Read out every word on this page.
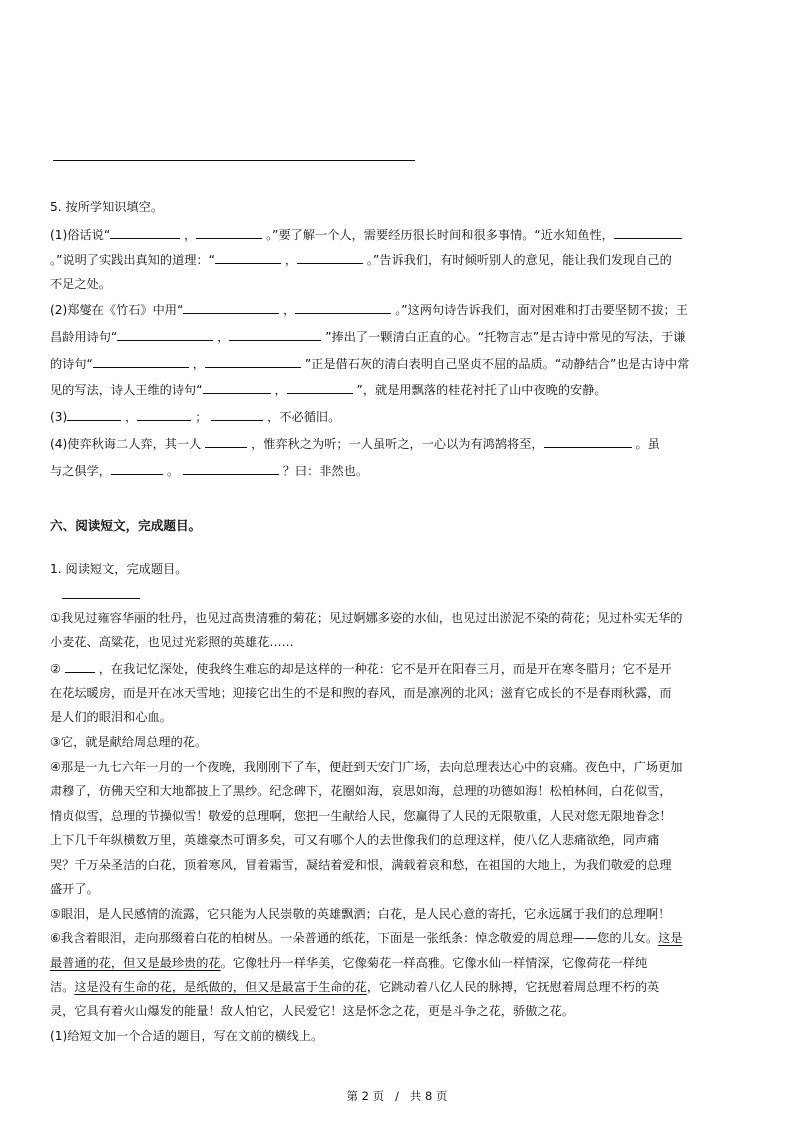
5. 按所学知识填空。
(1)俗话说“	，	。”要了解一个人，需要经历很长时间和很多事情。“近水知鱼性，
。”说明了实践出真知的道理：“	，	。”告诉我们，有时倾听别人的意见，能让我们发现自己的
不足之处。
(2)郑燮在《竹石》中用“	，	。”这两句诗告诉我们，面对困难和打击要坚韧不拔；王
昌龄用诗句“	，	”捧出了一颗清白正直的心。“托物言志”是古诗中常见的写法，于谦
的诗句“	，	”正是借石灰的清白表明自己坚贞不屈的品质。“动静结合”也是古诗中常
见的写法，诗人王维的诗句“	，	”，就是用飘落的桂花衬托了山中夜晚的安静。
(3)	，	；	，不必循旧。
(4)使弈秋诲二人弈，其一人	，惟弈秋之为听；一人虽听之，一心以为有鸿鹄将至，	。虽
与之俱学，	。	？曰：非然也。
六、阅读短文，完成题目。
1. 阅读短文，完成题目。
①我见过雍容华丽的牡丹，也见过高贵清雅的菊花；见过婀娜多姿的水仙，也见过出淤泥不染的荷花；见过朴实无华的
小麦花、高粱花，也见过光彩照的英雄花……
②	，在我记忆深处，使我终生难忘的却是这样的一种花：它不是开在阳春三月，而是开在寒冬腊月；它不是开
在花坛暖房，而是开在冰天雪地；迎接它出生的不是和煦的春风，而是凛冽的北风；滋育它成长的不是春雨秋露，而
是人们的眼泪和心血。
③它，就是献给周总理的花。
④那是一九七六年一月的一个夜晚，我刚刚下了车，便赶到天安门广场，去向总理表达心中的哀痛。夜色中，广场更加
肃穆了，仿佛天空和大地都披上了黑纱。纪念碑下，花圈如海，哀思如海，总理的功德如海！松柏林间，白花似雪，
情贞似雪，总理的节操似雪！敬爱的总理啊，您把一生献给人民，您赢得了人民的无限敬重，人民对您无限地眷念！
上下几千年纵横数万里，英雄豪杰可谓多矣，可又有哪个人的去世像我们的总理这样，使八亿人悲痛欲绝，同声痛
哭？千万朵圣洁的白花，顶着寒风，冒着霜雪，凝结着爱和恨，满载着哀和愁，在祖国的大地上，为我们敬爱的总理
盛开了。
⑤眼泪，是人民感情的流露，它只能为人民崇敬的英雄飘洒；白花，是人民心意的寄托，它永远属于我们的总理啊！
⑥我含着眼泪，走向那缀着白花的柏树丛。一朵普通的纸花，下面是一张纸条：悼念敬爱的周总理——您的儿女。这是
最普通的花，但又是最珍贵的花。它像牡丹一样华美，它像菊花一样高雅。它像水仙一样情深，它像荷花一样纯
洁。这是没有生命的花，是纸做的，但又是最富于生命的花，它跳动着八亿人民的脉搏，它抚慰着周总理不朽的英
灵，它具有着火山爆发的能量！敌人怕它，人民爱它！这是怀念之花，更是斗争之花，骄傲之花。
(1)给短文加一个合适的题目，写在文前的横线上。
第 2 页 / 共 8 页
